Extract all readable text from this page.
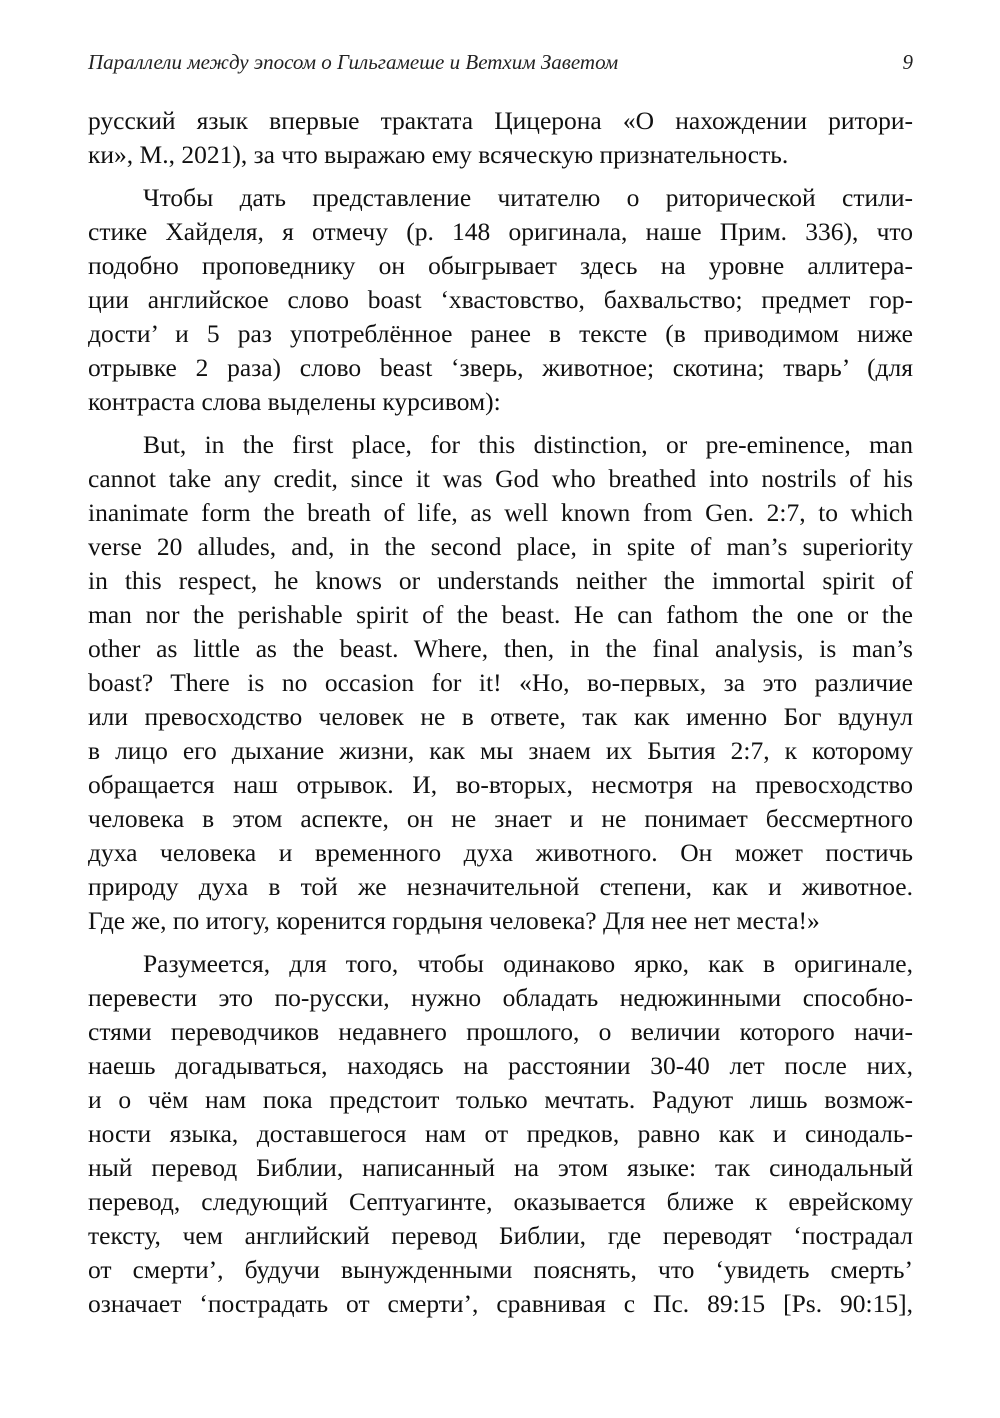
Параллели между эпосом о Гильгамеше и Ветхим Заветом	9
русский язык впервые трактата Цицерона «О нахождении ритори-
ки», М., 2021), за что выражаю ему всяческую признательность.
Чтобы дать представление читателю о риторической стили-
стике Хайделя, я отмечу (p. 148 оригинала, наше Прим. 336), что
подобно проповеднику он обыгрывает здесь на уровне аллитера-
ции английское слово boast ‘хвастовство, бахвальство; предмет гор-
дости’ и 5 раз употреблённое ранее в тексте (в приводимом ниже
отрывке 2 раза) слово beast ‘зверь, животное; скотина; тварь’ (для
контраста слова выделены курсивом):
But, in the first place, for this distinction, or pre-eminence, man
cannot take any credit, since it was God who breathed into nostrils of his
inanimate form the breath of life, as well known from Gen. 2:7, to which
verse 20 alludes, and, in the second place, in spite of man’s superiority
in this respect, he knows or understands neither the immortal spirit of
man nor the perishable spirit of the beast. He can fathom the one or the
other as little as the beast. Where, then, in the final analysis, is man’s
boast? There is no occasion for it! «Но, во-первых, за это различие
или превосходство человек не в ответе, так как именно Бог вдунул
в лицо его дыхание жизни, как мы знаем их Бытия 2:7, к которому
обращается наш отрывок. И, во-вторых, несмотря на превосходство
человека в этом аспекте, он не знает и не понимает бессмертного
духа человека и временного духа животного. Он может постичь
природу духа в той же незначительной степени, как и животное.
Где же, по итогу, коренится гордыня человека? Для нее нет места!»
Разумеется, для того, чтобы одинаково ярко, как в оригинале,
перевести это по-русски, нужно обладать недюжинными способно-
стями переводчиков недавнего прошлого, о величии которого начи-
наешь догадываться, находясь на расстоянии 30-40 лет после них,
и о чём нам пока предстоит только мечтать. Радуют лишь возмож-
ности языка, доставшегося нам от предков, равно как и синодаль-
ный перевод Библии, написанный на этом языке: так синодальный
перевод, следующий Септуагинте, оказывается ближе к еврейскому
тексту, чем английский перевод Библии, где переводят ‘пострадал
от смерти’, будучи вынужденными пояснять, что ‘увидеть смерть’
означает ‘пострадать от смерти’, сравнивая с Пс. 89:15 [Ps. 90:15],
